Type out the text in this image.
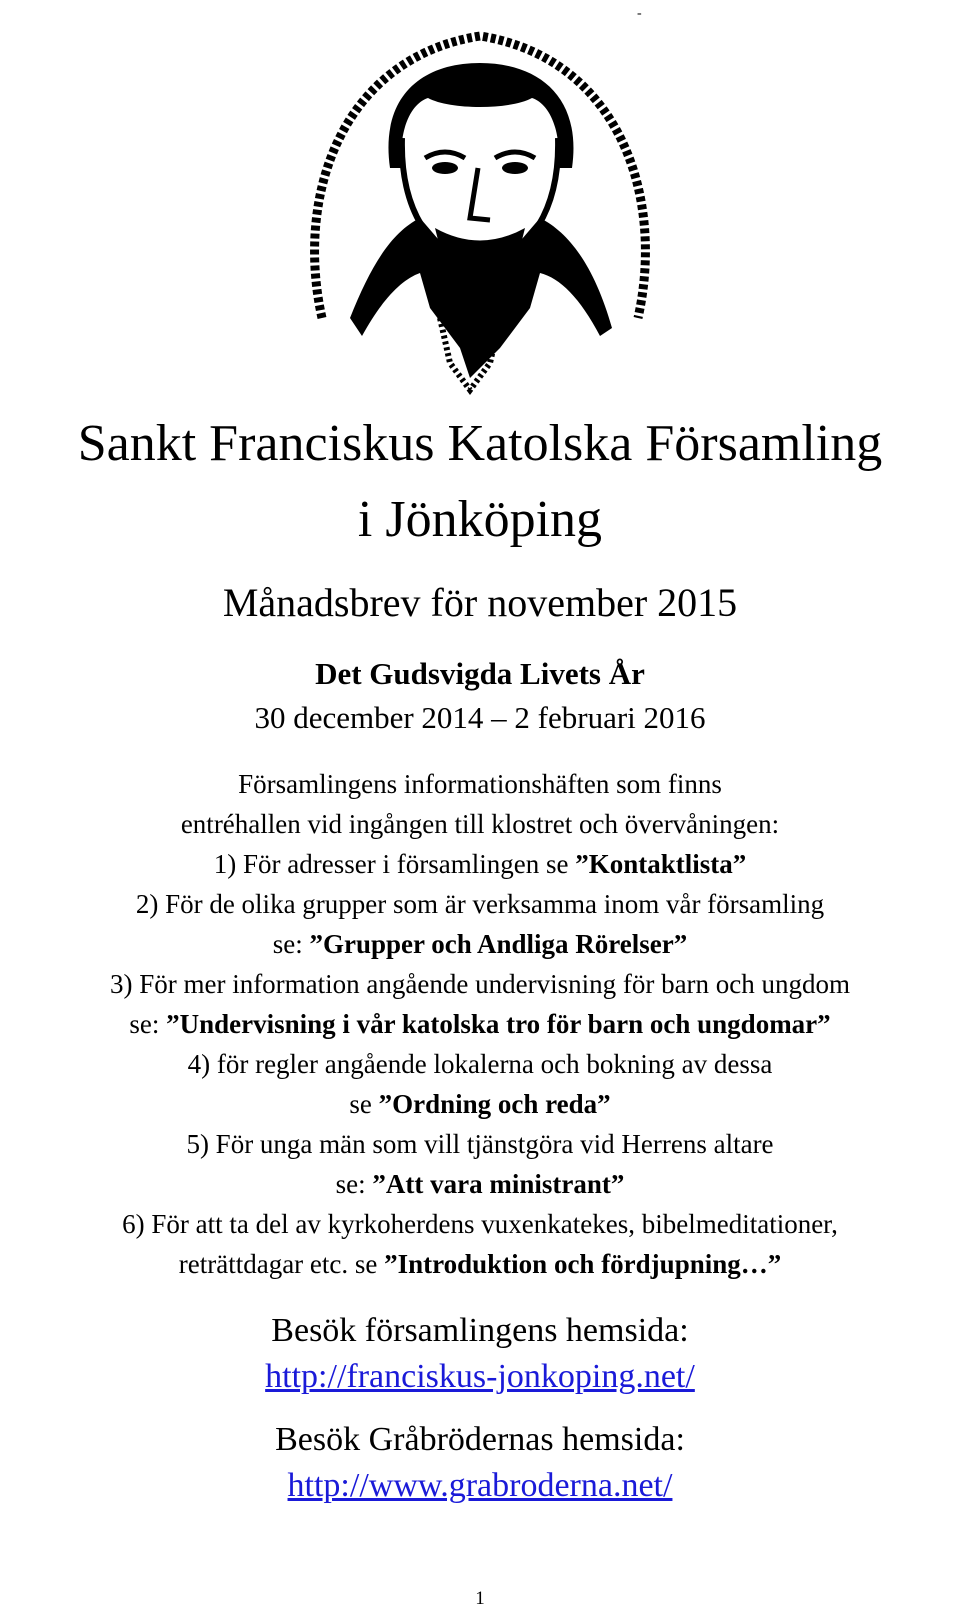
-
Sankt Franciskus Katolska Församling
i Jönköping
Månadsbrev för november 2015
Det Gudsvigda Livets År
30 december 2014 – 2 februari 2016

Församlingens informationshäften som finns

entréhallen vid ingången till klostret och övervåningen:

1) För adresser i församlingen se ”Kontaktlista”

2) För de olika grupper som är verksamma inom vår församling

se: ”Grupper och Andliga Rörelser”

3) För mer information angående undervisning för barn och ungdom

se: ”Undervisning i vår katolska tro för barn och ungdomar”

4) för regler angående lokalerna och bokning av dessa

se ”Ordning och reda”

5) För unga män som vill tjänstgöra vid Herrens altare

se: ”Att vara ministrant”

6) För att ta del av kyrkoherdens vuxenkatekes, bibelmeditationer,

reträttdagar etc. se ”Introduktion och fördjupning…”

Besök församlingens hemsida:
http://franciskus-jonkoping.net/
Besök Gråbrödernas hemsida:
http://www.grabroderna.net/
1
